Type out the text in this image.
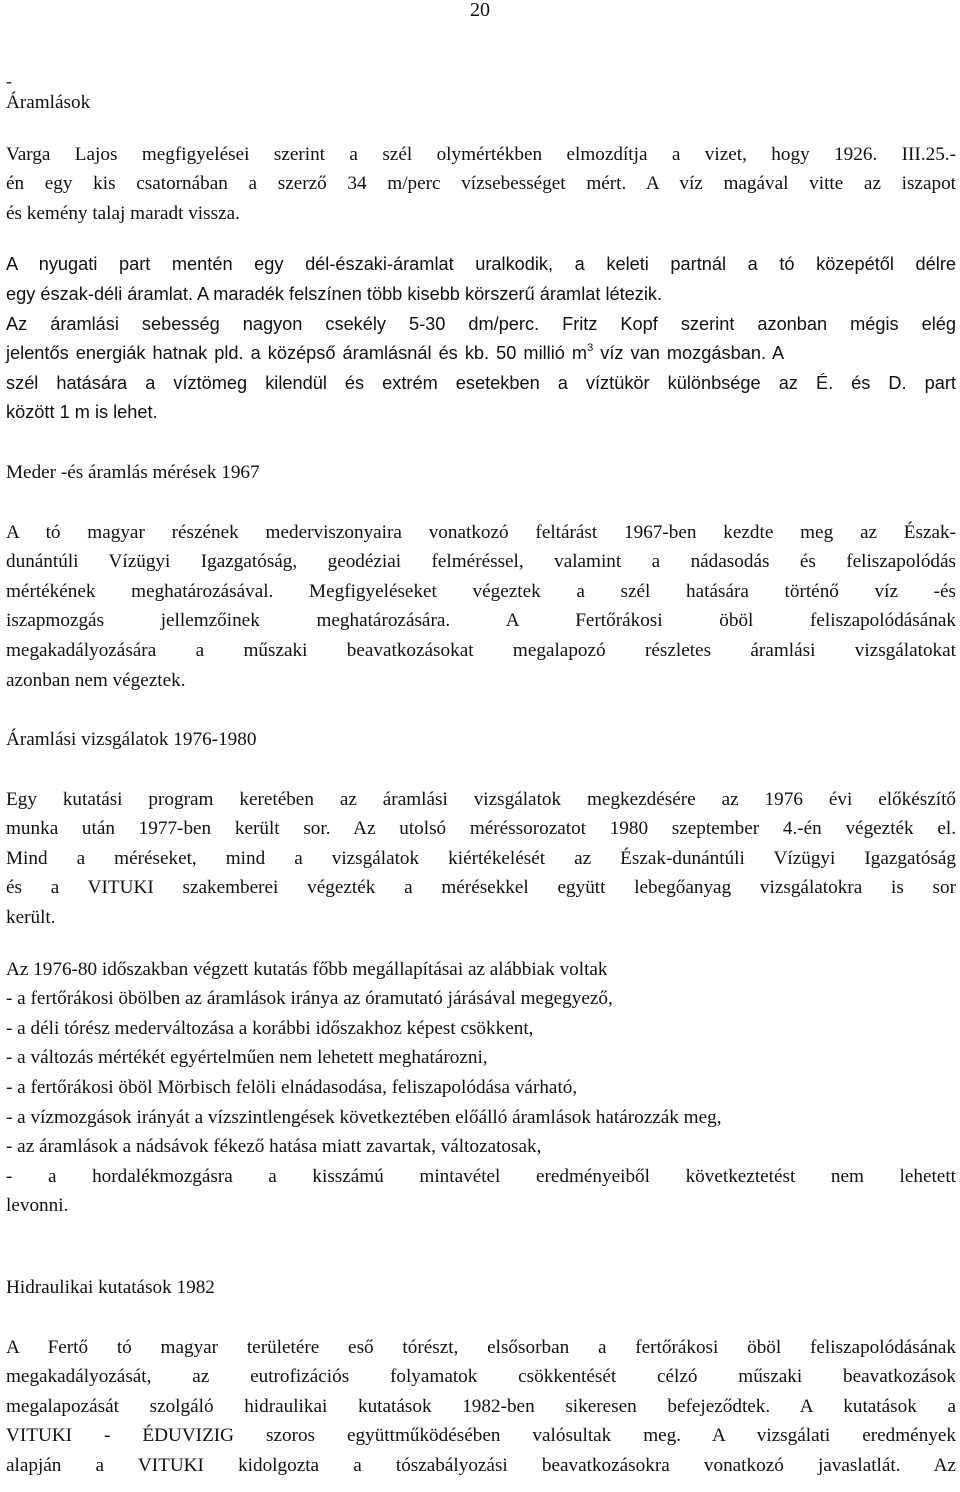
20
-
Áramlások
Varga Lajos megfigyelései szerint a szél olymértékben elmozdítja a vizet, hogy 1926. III.25.-
én egy kis csatornában a szerző 34 m/perc vízsebességet mért. A víz magával vitte az iszapot
és kemény talaj maradt vissza.
A nyugati part mentén egy dél-északi-áramlat uralkodik, a keleti partnál a tó közepétől délre
egy észak-déli áramlat. A maradék felszínen több kisebb körszerű áramlat létezik.
Az áramlási sebesség nagyon csekély 5-30 dm/perc. Fritz Kopf szerint azonban mégis elég
jelentős energiák hatnak pld. a középső áramlásnál és kb. 50 millió $m^3$ víz van mozgásban. A
szél hatására a víztömeg kilendül és extrém esetekben a víztükör különbsége az É. és D. part
között 1 m is lehet.
Meder -és áramlás mérések 1967
A tó magyar részének mederviszonyaira vonatkozó feltárást 1967-ben kezdte meg az Észak-
dunántúli Vízügyi Igazgatóság, geodéziai felméréssel, valamint a nádasodás és feliszapolódás
mértékének meghatározásával. Megfigyeléseket végeztek a szél hatására történő víz -és
iszapmozgás jellemzőinek meghatározására. A Fertőrákosi öböl feliszapolódásának
megakadályozására a műszaki beavatkozásokat megalapozó részletes áramlási vizsgálatokat
azonban nem végeztek.
Áramlási vizsgálatok 1976-1980
Egy kutatási program keretében az áramlási vizsgálatok megkezdésére az 1976 évi előkészítő
munka után 1977-ben került sor. Az utolsó méréssorozatot 1980 szeptember 4.-én végezték el.
Mind a méréseket, mind a vizsgálatok kiértékelését az Észak-dunántúli Vízügyi Igazgatóság
és a VITUKI szakemberei végezték a mérésekkel együtt lebegőanyag vizsgálatokra is sor
került.
Az 1976-80 időszakban végzett kutatás főbb megállapításai az alábbiak voltak
- a fertőrákosi öbölben az áramlások iránya az óramutató járásával megegyező,
- a déli tórész mederváltozása a korábbi időszakhoz képest csökkent,
- a változás mértékét egyértelműen nem lehetett meghatározni,
- a fertőrákosi öböl Mörbisch felöli elnádasodása, feliszapolódása várható,
- a vízmozgások irányát a vízszintlengések következtében előálló áramlások határozzák meg,
- az áramlások a nádsávok fékező hatása miatt zavartak, változatosak,
- a hordalékmozgásra a kisszámú mintavétel eredményeiből következtetést nem lehetett
levonni.
Hidraulikai kutatások 1982
A Fertő tó magyar területére eső tórészt, elsősorban a fertőrákosi öböl feliszapolódásának
megakadályozását, az eutrofizációs folyamatok csökkentését célzó műszaki beavatkozások
megalapozását szolgáló hidraulikai kutatások 1982-ben sikeresen befejeződtek. A kutatások a
VITUKI - ÉDUVIZIG szoros együttműködésében valósultak meg. A vizsgálati eredmények
alapján a VITUKI kidolgozta a tószabályozási beavatkozásokra vonatkozó javaslatlát. Az
